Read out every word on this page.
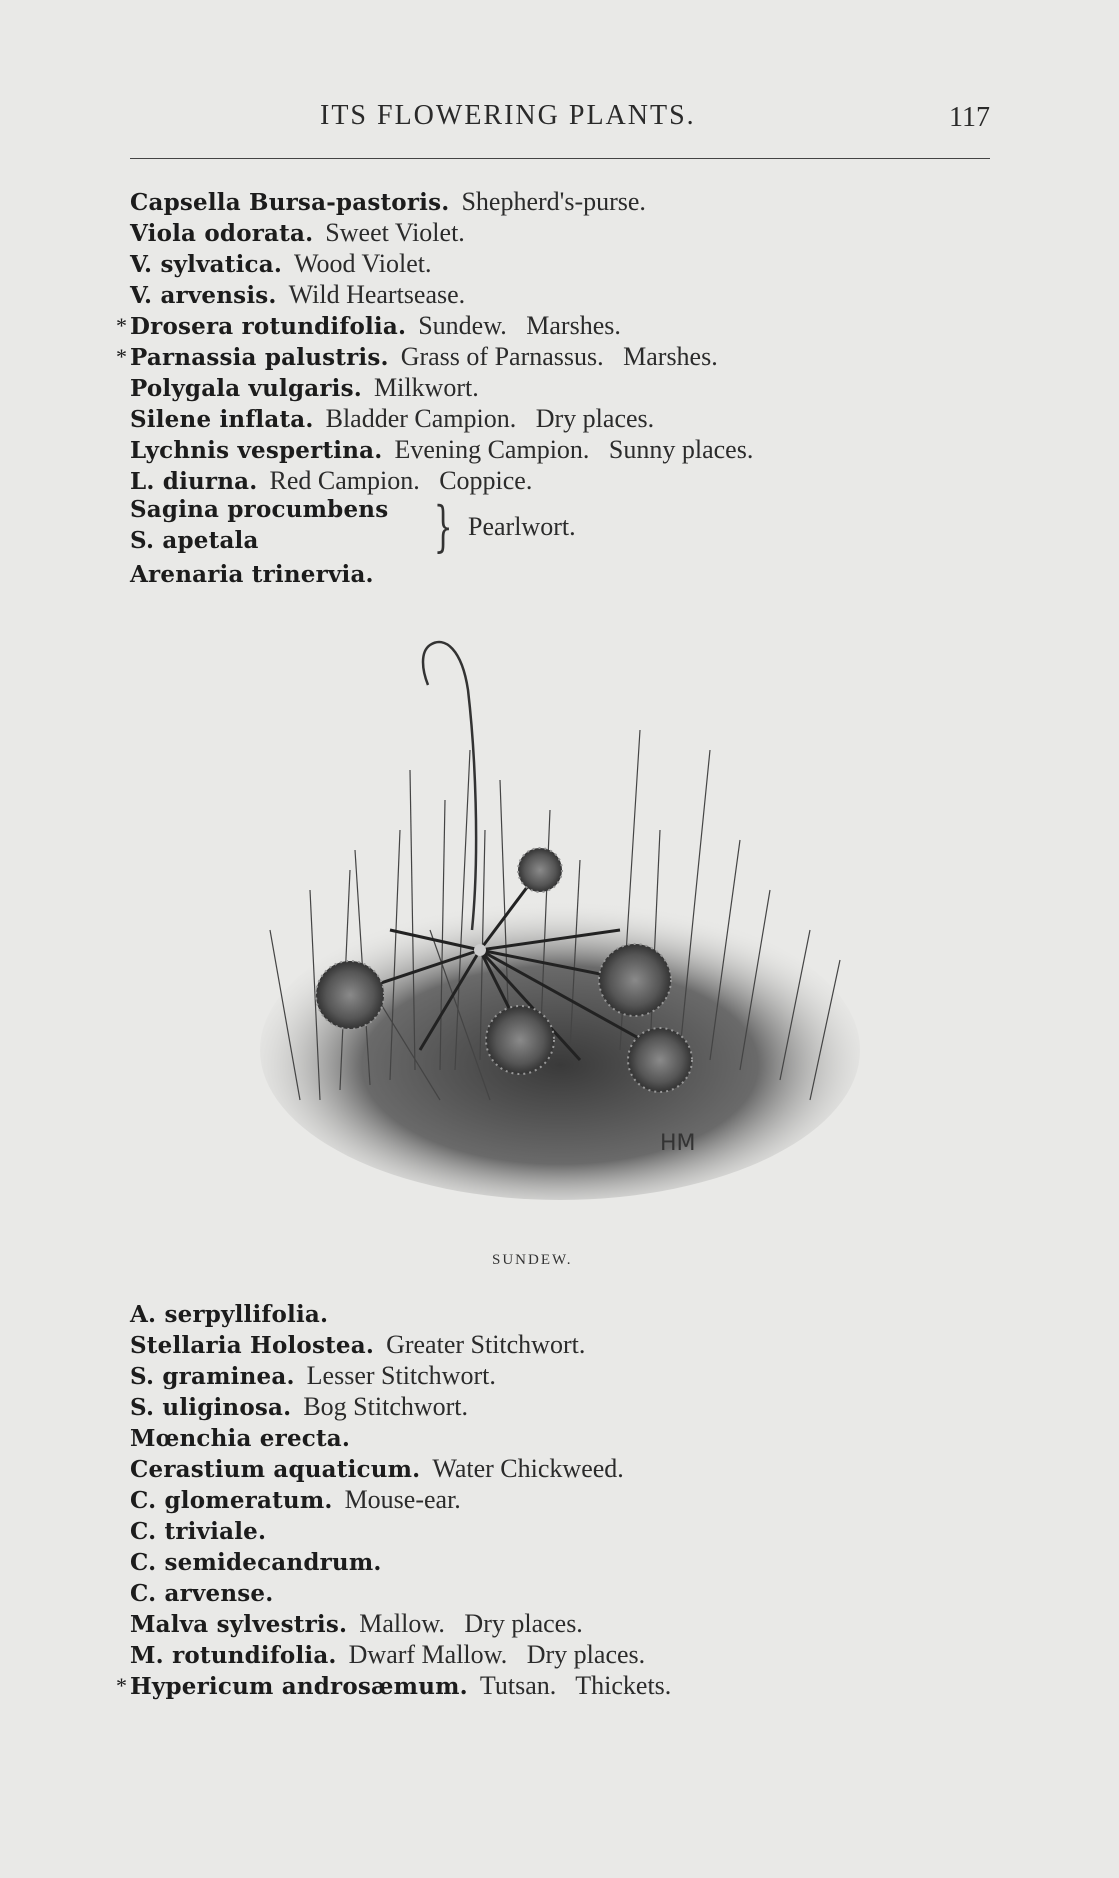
ITS FLOWERING PLANTS.	117
Capsella Bursa-pastoris. Shepherd's-purse.
Viola odorata. Sweet Violet.
V. sylvatica. Wood Violet.
V. arvensis. Wild Heartsease.
* Drosera rotundifolia. Sundew.   Marshes.
* Parnassia palustris. Grass of Parnassus.   Marshes.
Polygala vulgaris. Milkwort.
Silene inflata. Bladder Campion.   Dry places.
Lychnis vespertina. Evening Campion.   Sunny places.
L. diurna. Red Campion.   Coppice.
Sagina procumbens
S. apetala	} Pearlwort.
Arenaria trinervia.
HM
SUNDEW.
A. serpyllifolia.
Stellaria Holostea. Greater Stitchwort.
S. graminea. Lesser Stitchwort.
S. uliginosa. Bog Stitchwort.
Mœnchia erecta.
Cerastium aquaticum. Water Chickweed.
C. glomeratum. Mouse-ear.
C. triviale.
C. semidecandrum.
C. arvense.
Malva sylvestris. Mallow.   Dry places.
M. rotundifolia. Dwarf Mallow.   Dry places.
* Hypericum androsæmum. Tutsan.   Thickets.
